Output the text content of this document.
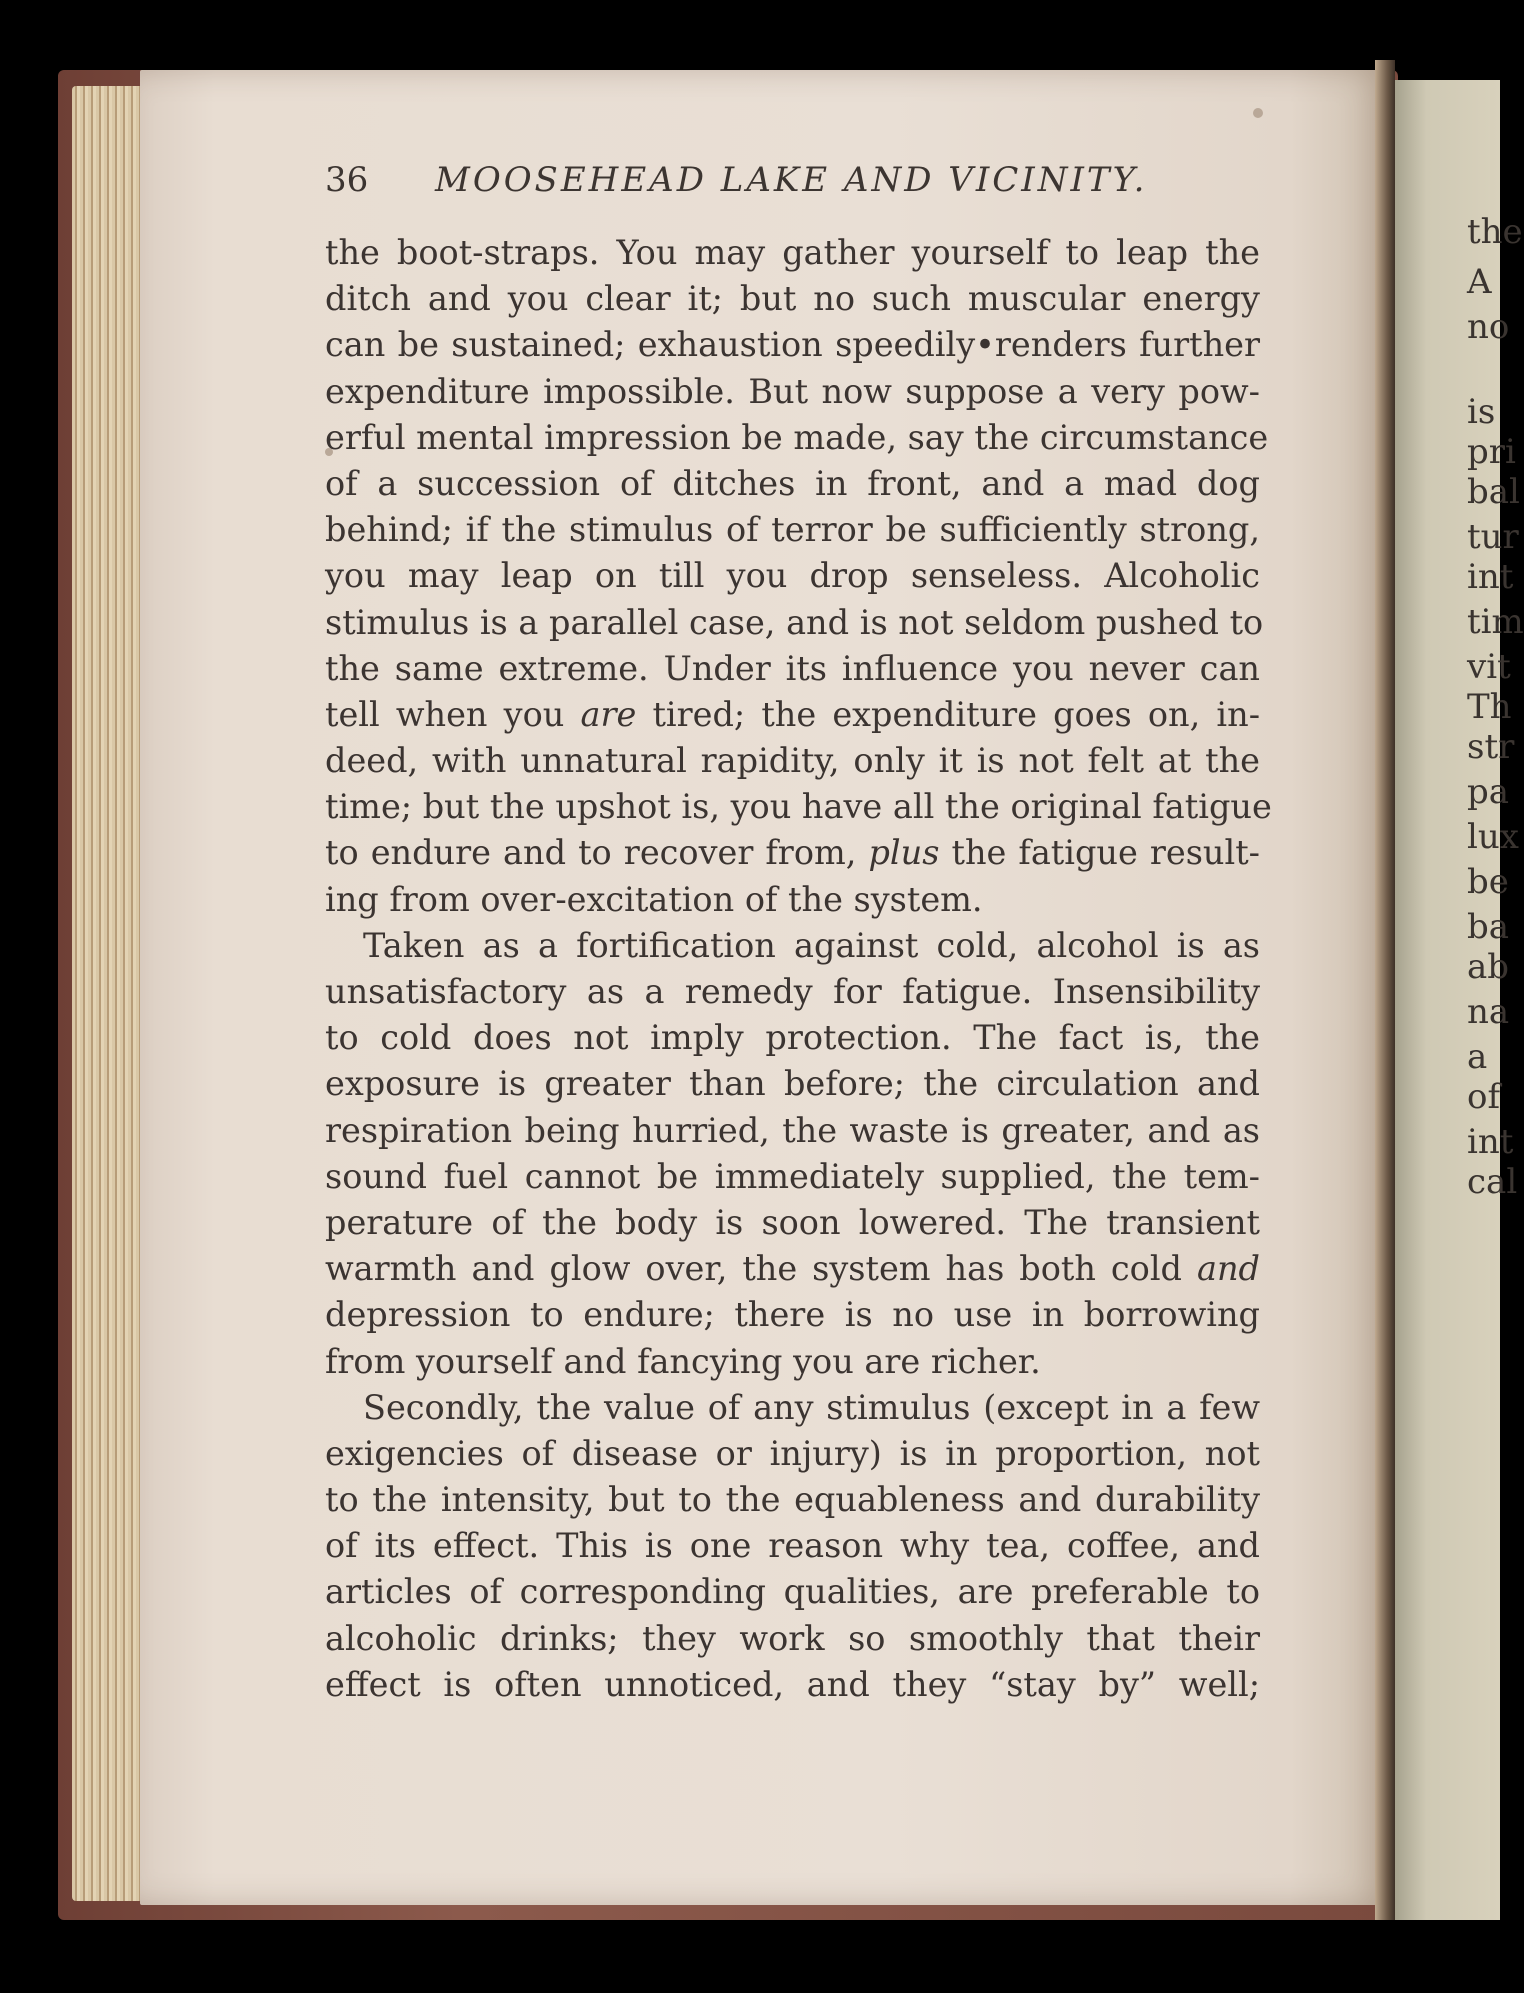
the
A
no
is
pri
bal
tur
int
tim
vit
Th
str
pa
lux
be
ba
ab
na
a
of
int
cal
36 MOOSEHEAD LAKE AND VICINITY.
the boot-straps. You may gather yourself to leap the
ditch and you clear it; but no such muscular energy
can be sustained; exhaustion speedily•renders further
expenditure impossible. But now suppose a very pow-
erful mental impression be made, say the circumstance
of a succession of ditches in front, and a mad dog
behind; if the stimulus of terror be sufficiently strong,
you may leap on till you drop senseless. Alcoholic
stimulus is a parallel case, and is not seldom pushed to
the same extreme. Under its influence you never can
tell when you are tired; the expenditure goes on, in-
deed, with unnatural rapidity, only it is not felt at the
time; but the upshot is, you have all the original fatigue
to endure and to recover from, plus the fatigue result-
ing from over-excitation of the system.
Taken as a fortification against cold, alcohol is as
unsatisfactory as a remedy for fatigue. Insensibility
to cold does not imply protection. The fact is, the
exposure is greater than before; the circulation and
respiration being hurried, the waste is greater, and as
sound fuel cannot be immediately supplied, the tem-
perature of the body is soon lowered. The transient
warmth and glow over, the system has both cold and
depression to endure; there is no use in borrowing
from yourself and fancying you are richer.
Secondly, the value of any stimulus (except in a few
exigencies of disease or injury) is in proportion, not
to the intensity, but to the equableness and durability
of its effect. This is one reason why tea, coffee, and
articles of corresponding qualities, are preferable to
alcoholic drinks; they work so smoothly that their
effect is often unnoticed, and they “stay by” well;
